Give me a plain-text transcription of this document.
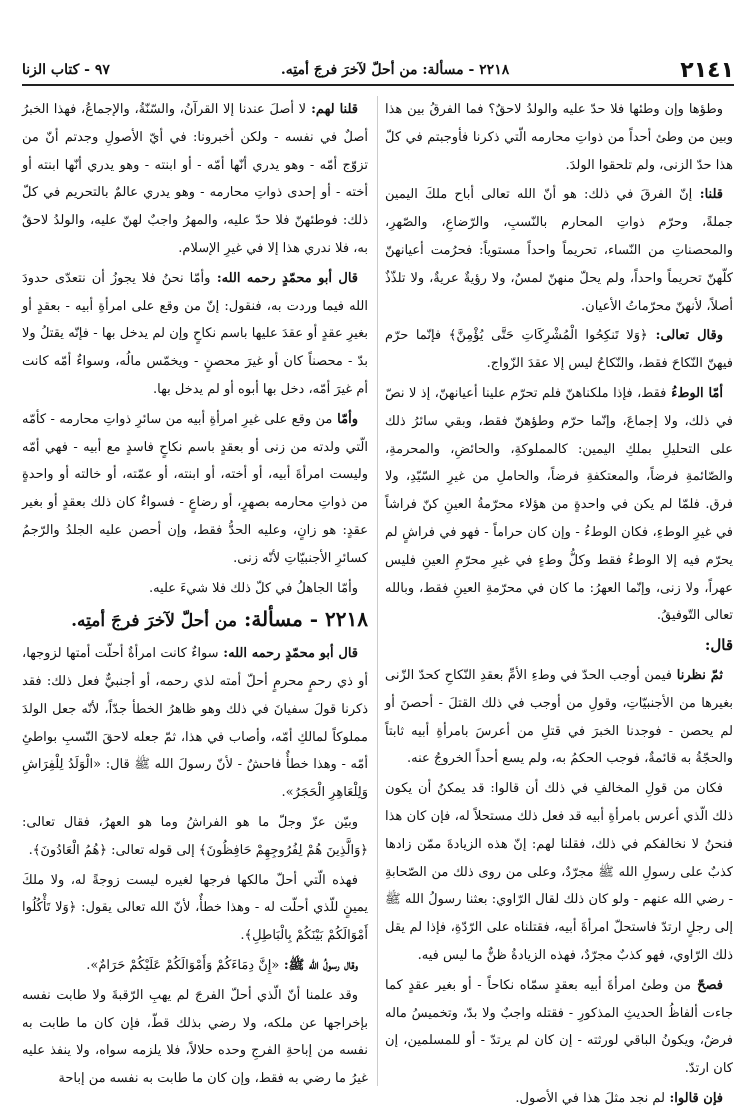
٢١٤١
٢٢١٨ - مسألة: من أحلّ لآخرَ فرجَ أمتِه.
٩٧ - كتاب الزنا

وطؤها وإن وطئها فلا حدّ عليه والولدُ لاحقٌ؟ فما الفرقُ بين هذا وبين من وطئ أحداً من ذواتِ محارمه الّتي ذكرنا فأوجبتم في كلّ هذا حدّ الزنى، ولم تلحقوا الولدَ.

قلنا: إنّ الفرقَ في ذلك: هو أنّ الله تعالى أباح ملكَ اليمين جملةً، وحرّم ذواتِ المحارم بالنّسبِ، والرّضاعِ، والصّهرِ، والمحصناتِ من النّساء، تحريماً واحداً مستوياً: فحرُمت أعيانهنّ كلّهنّ تحريماً واحداً، ولم يحلّ منهنّ لمسٌ، ولا رؤيةٌ عريةٌ، ولا تلذّذٌ أصلاً، لأنهنّ محرّماتُ الأعيان.

وقال تعالى: ﴿وَلا تَنكِحُوا الْمُشْرِكَاتِ حَتَّى يُؤْمِنَّ﴾ فإنّما حرّم فيهنّ النّكاحَ فقط، والنّكاحُ ليس إلا عقدَ الزّواج.

أمّا الوطءُ فقط، فإذا ملكناهنّ فلم تحرّم علينا أعيانهنّ، إذ لا نصّ في ذلك، ولا إجماعَ، وإنّما حرّم وطؤهنّ فقط، وبقي سائرُ ذلك على التحليلِ بملكِ اليمين: كالمملوكةِ، والحائضِ، والمحرمةِ، والصّائمةِ فرضاً، والمعتكفةِ فرضاً، والحاملِ من غيرِ السّيّدِ، ولا فرق. فلمّا لم يكن في واحدةٍ من هؤلاء محرّمةُ العينِ كنّ فراشاً في غيرِ الوطءِ، فكان الوطءُ - وإن كان حراماً - فهو في فراشٍ لم يحرّم فيه إلا الوطءُ فقط وكلُّ وطءٍ في غيرِ محرّمِ العينِ فليس عهراً، ولا زنى، وإنّما العهرُ: ما كان في محرّمةِ العينِ فقط، وبالله تعالى التّوفيقُ.

قال:

ثمّ نظرنا فيمن أوجب الحدّ في وطءِ الأمِّ بعقدِ النّكاحِ كحدّ الزّنى بغيرها من الأجنبيّاتِ، وقولِ من أوجب في ذلك القتلَ - أحصنَ أو لم يحصن - فوجدنا الخبرَ في قتلِ من أعرسَ بامرأةِ أبيه ثابتاً والحجّةُ به قائمةٌ، فوجب الحكمُ به، ولم يسع أحداً الخروجُ عنه.

فكان من قولِ المخالفِ في ذلك أن قالوا: قد يمكنُ أن يكون ذلك الّذي أعرس بامرأةِ أبيه قد فعل ذلك مستحلاً له، فإن كان هذا فنحنُ لا نخالفكم في ذلك، فقلنا لهم: إنّ هذه الزيادةَ ممّن زادها كذبٌ على رسولِ الله ﷺ مجرّدٌ، وعلى من روى ذلك من الصّحابةِ - رضي الله عنهم - ولو كان ذلك لقال الرّاوي: بعثنا رسولُ الله ﷺ إلى رجلٍ ارتدّ فاستحلّ امرأةَ أبيه، فقتلناه على الرّدّةِ، فإذا لم يقل ذلك الرّاوي، فهو كذبٌ مجرّدٌ، فهذه الزيادةُ ظنٌّ ما ليس فيه.

فصحّ من وطئ امرأةَ أبيه بعقدٍ سمّاه نكاحاً - أو بغير عقدٍ كما جاءت ألفاظُ الحديثِ المذكورِ - فقتله واجبٌ ولا بدّ، وتخميسُ ماله فرضٌ، ويكونُ الباقي لورثته - إن كان لم يرتدّ - أو للمسلمين، إن كان ارتدّ.

فإن قالوا: لم نجد مثلَ هذا في الأصول.

قلنا لهم: لا أصلَ عندنا إلا القرآنُ، والسّنّةُ، والإجماعُ، فهذا الخبرُ أصلٌ في نفسه - ولكن أخبرونا: في أيّ الأصولِ وجدتم أنّ من تزوّج أمّه - وهو يدري أنّها أمّه - أو ابنته - وهو يدري أنّها ابنته أو أخته - أو إحدى ذواتِ محارمه - وهو يدري عالمٌ بالتحريم في كلّ ذلك: فوطئهنّ فلا حدّ عليه، والمهرُ واجبٌ لهنّ عليه، والولدُ لاحقٌ به، فلا ندري هذا إلا في غيرِ الإسلام.

قال أبو محمّدٍ رحمه الله: وأمّا نحنُ فلا يجوزُ أن نتعدّى حدودَ الله فيما وردت به، فنقول: إنّ من وقع على امرأةِ أبيه - بعقدٍ أو بغيرِ عقدٍ أو عقدَ عليها باسم نكاحٍ وإن لم يدخل بها - فإنّه يقتلُ ولا بدّ - محصناً كان أو غيرَ محصنٍ - ويخمّس مالُه، وسواءٌ أمّه كانت أم غيرَ أمّه، دخل بها أبوه أو لم يدخل بها.

وأمّا من وقع على غيرِ امرأةِ أبيه من سائرِ ذواتِ محارمه - كأمّه الّتي ولدته من زنى أو بعقدٍ باسم نكاحٍ فاسدٍ مع أبيه - فهي أمّه وليست امرأةَ أبيه، أو أخته، أو ابنته، أو عمّته، أو خالته أو واحدةٍ من ذواتِ محارمه بصهرٍ، أو رضاعٍ - فسواءٌ كان ذلك بعقدٍ أو بغير عقدٍ: هو زانٍ، وعليه الحدُّ فقط، وإن أحصن عليه الجلدُ والرّجمُ كسائرِ الأجنبيّاتِ لأنّه زنى.

وأمّا الجاهلُ في كلّ ذلك فلا شيءَ عليه.

٢٢١٨ - مسألة: من أحلّ لآخرَ فرجَ أمتِه.

قال أبو محمّدٍ رحمه الله: سواءٌ كانت امرأةٌ أحلّت أمتها لزوجها، أو ذي رحمٍ محرمٍ أحلّ أمته لذي رحمه، أو أجنبيٌّ فعل ذلك: فقد ذكرنا قولَ سفيانَ في ذلك وهو ظاهرُ الخطأ جدّاً، لأنّه جعل الولدَ مملوكاً لمالكِ أمّه، وأصاب في هذا، ثمّ جعله لاحقَ النّسبِ بواطئِ أمّه - وهذا خطأٌ فاحشٌ - لأنّ رسولَ الله ﷺ قال: «الْوَلَدُ لِلْفِرَاشِ وَلِلْعَاهِرِ الْحَجَرُ».

وبيّن عزّ وجلّ ما هو الفراشُ وما هو العهرُ، فقال تعالى: ﴿وَالَّذِينَ هُمْ لِفُرُوجِهِمْ حَافِظُونَ﴾ إلى قوله تعالى: ﴿هُمُ الْعَادُونَ﴾.

فهذه الّتي أحلّ مالكها فرجها لغيره ليست زوجةً له، ولا ملكَ يمينٍ للّذي أحلّت له - وهذا خطأٌ، لأنّ الله تعالى يقول: ﴿وَلا تَأْكُلُوا أَمْوَالَكُمْ بَيْنَكُمْ بِالْبَاطِلِ﴾.

وقال رسولُ الله ﷺ: «إِنَّ دِمَاءَكُمْ وَأَمْوَالَكُمْ عَلَيْكُمْ حَرَامٌ».

وقد علمنا أنّ الّذي أحلّ الفرجَ لم يهبِ الرّقبةَ ولا طابت نفسه بإخراجها عن ملكه، ولا رضي بذلك قطّ، فإن كان ما طابت به نفسه من إباحةِ الفرجِ وحده حلالاً، فلا يلزمه سواه، ولا ينفذ عليه غيرُ ما رضي به فقط، وإن كان ما طابت به نفسه من إباحة
